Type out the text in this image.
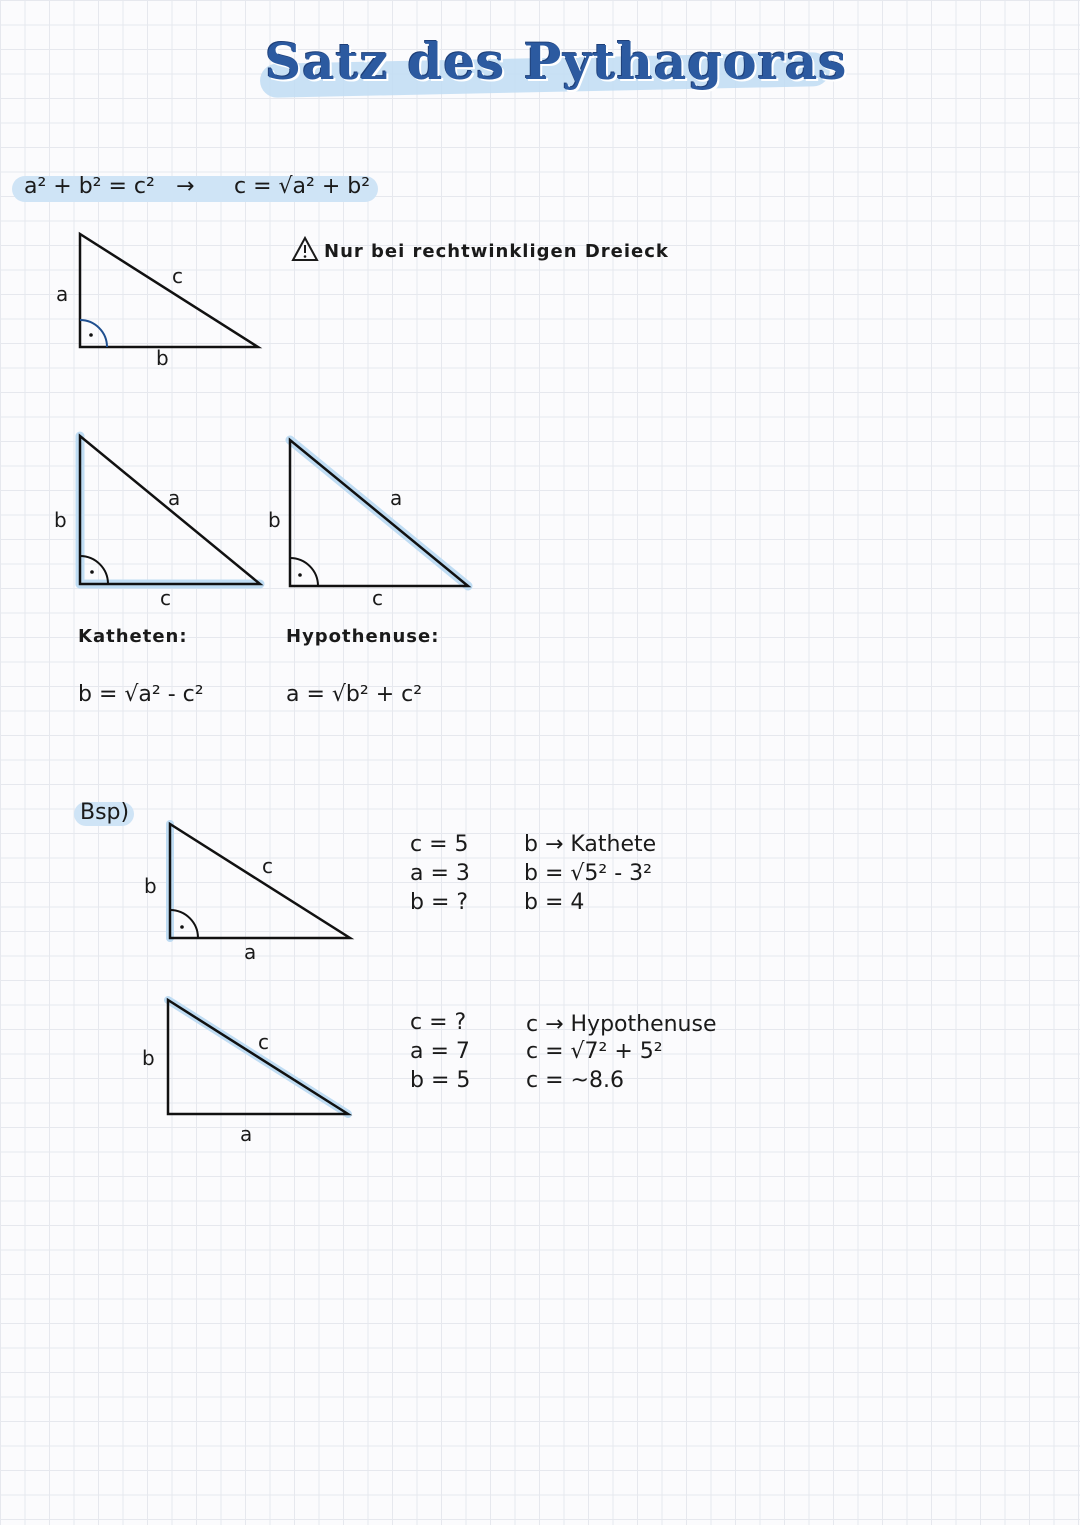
Satz des Pythagoras
a² + b² = c² → c = √a² + b²
Nur bei rechtwinkligen Dreieck
a
c
b
b
a
c
b
a
c
Katheten:
b = √a² - c²
Hypothenuse:
a = √b² + c²
Bsp)
b
c
a
c = 5
a = 3
b = ?
b → Kathete
b = √5² - 3²
b = 4
b
c
a
c = ?
a = 7
b = 5
c → Hypothenuse
c = √7² + 5²
c = ~8.6
